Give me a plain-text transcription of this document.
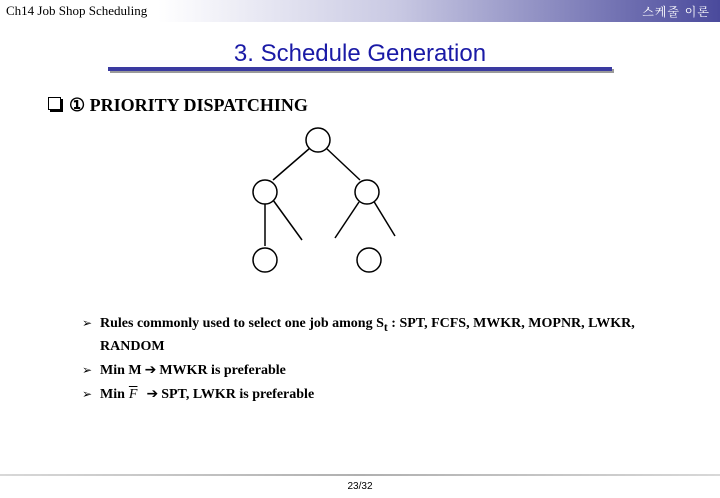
Ch14 Job Shop Scheduling	스케줄 이론
3. Schedule Generation
① PRIORITY DISPATCHING
➢ Rules commonly used to select one job among $S_t$ : SPT, FCFS, MWKR, MOPNR, LWKR, RANDOM
➢ Min M ➔ MWKR is preferable
➢ Min $\overline{F}$ ➔ SPT, LWKR is preferable
23/32
